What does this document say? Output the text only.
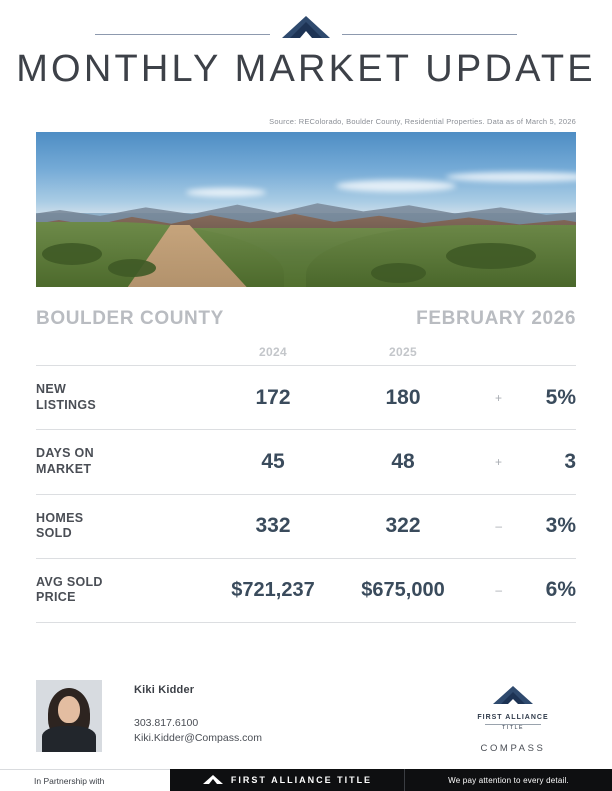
MONTHLY MARKET UPDATE
Source: REColorado, Boulder County, Residential Properties. Data as of March 5, 2026
BOULDER COUNTY	FEBRUARY 2026
	2024	2025		

NEW
LISTINGS	172	180	+	5%

DAYS ON
MARKET	45	48	+	3

HOMES
SOLD	332	322	–	3%

AVG SOLD
PRICE	$721,237	$675,000	–	6%
Kiki Kidder
303.817.6100
Kiki.Kidder@Compass.com
FIRST ALLIANCE
TITLE
COMPASS
In Partnership with	FIRST ALLIANCE TITLE	We pay attention to every detail.
